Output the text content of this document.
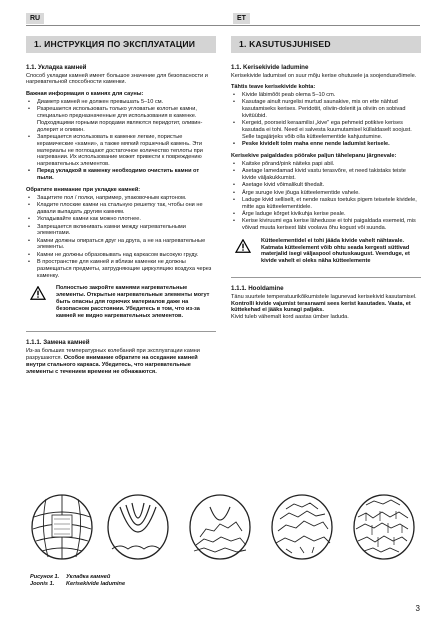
RU	ET
1. ИНСТРУКЦИЯ ПО ЭКСПЛУАТАЦИИ
1.1. Укладка камней

Способ укладки камней имеет большое значение для безопасности и нагревательной способности каменки.

Важная информация о камнях для сауны:

• Диаметр камней не должен превышать 5–10 см.
• Разрешается использовать только угловатые колотые камни, специально предназначенные для использования в каменке. Подходящими горными породами являются перидотит, оливин-долерит и оливин.
• Запрещается использовать в каменке легкие, пористые керамические «камни», а также мягкий горшечный камень. Эти материалы не поглощают достаточное количество теплоты при нагревании. Их использование может привести к повреждению нагревательных элементов.
• Перед укладкой в каменку необходимо очистить камни от пыли.

Обратите внимание при укладке камней:

• Защитите пол / полки, например, упаковочным картоном.
• Кладите плоские камни на стальную решетку так, чтобы они не давали выпадать другим камням.
• Укладывайте камни как можно плотнее.
• Запрещается вклинивать камни между нагревательными элементами.
• Камни должны опираться друг на друга, а не на нагревательные элементы.
• Камни не должны образовывать над каркасом высокую груду.
• В пространстве для камней и вблизи каменки не должны размещаться предметы, затрудняющие циркуляцию воздуха через каменку.
Полностью закройте камнями нагревательные элементы. Открытые нагревательные элементы могут быть опасны для горючих материалов даже на безопасном расстоянии. Убедитесь в том, что из-за камней не видно нагревательных элементов.
1.1.1. Замена камней

Из-за больших температурных колебаний при эксплуатации камни разрушаются. Особое внимание обратите на оседание камней внутри стального каркаса. Убедитесь, что нагревательные элементы с течением времени не обнажаются.

1. KASUTUSJUHISED
1.1. Kerisekivide ladumine

Kerisekivide ladumisel on suur mõju kerise ohutusele ja soojendusvõimele.

Tähtis teave kerisekivide kohta:

• Kivide läbimõõt peab olema 5–10 cm.
• Kasutage ainult nurgelisi murtud saunakive, mis on ette nähtud kasutamiseks kerises. Peridotiit, oliviin-doleriit ja oliviin on sobivad kivitüübid.
• Kergeid, poorseid keraamilisi „kive" ega pehmeid potikive kerises kasutada ei tohi. Need ei salvesta kuumutamisel küllaldaselt soojust. Selle tagajärjeks võib olla kütteelementide kahjustumine.
• Peske kividelt tolm maha enne nende ladumist kerisele.

Kerisekive paigaldades pöörake paljun tähelepanu järgnevale:

• Kaitske põrand/pink näiteks papi abil.
• Asetage lamedamad kivid vastu terasvõre, et need takistaks teiste kivide väljakukkumist.
• Asetage kivid võimalikult tihedalt.
• Ärge suruge kive jõuga kütteelementide vahele.
• Laduge kivid selliselt, et nende raskus toetuks pigem teisetele kividele, mitte aga kütteelementidele.
• Ärge laduge kõrget kivikuhja kerise peale.
• Kerise kiviruumi ega kerise lähedusse ei tohi paigaldada esemeid, mis võivad muuta kerisest läbi voolava õhu kogust või suunda.
Kütteelementidel ei tohi jääda kivide vahelt nähtavale. Katmata kütteelement võib ohtu seada kergesti süttivad materjalid isegi väljaspool ohutuskaugust. Veenduge, et kivide vahelt ei oleks näha kütteelemente
1.1.1. Hooldamine

Tänu suurtele temperatuurikõikumistele lagunevad kerisekivid kasutamisel. Kontrolli kivide vajumist terasraami sees kerist kasutades. Vaata, et küttekehad ei jääks kunagi paljaks.
Kivid tuleb vähemalt kord aastas ümber laduda.

Рисунок 1. Укладка камней
Joonis 1. Kerisekivide ladumine
3
